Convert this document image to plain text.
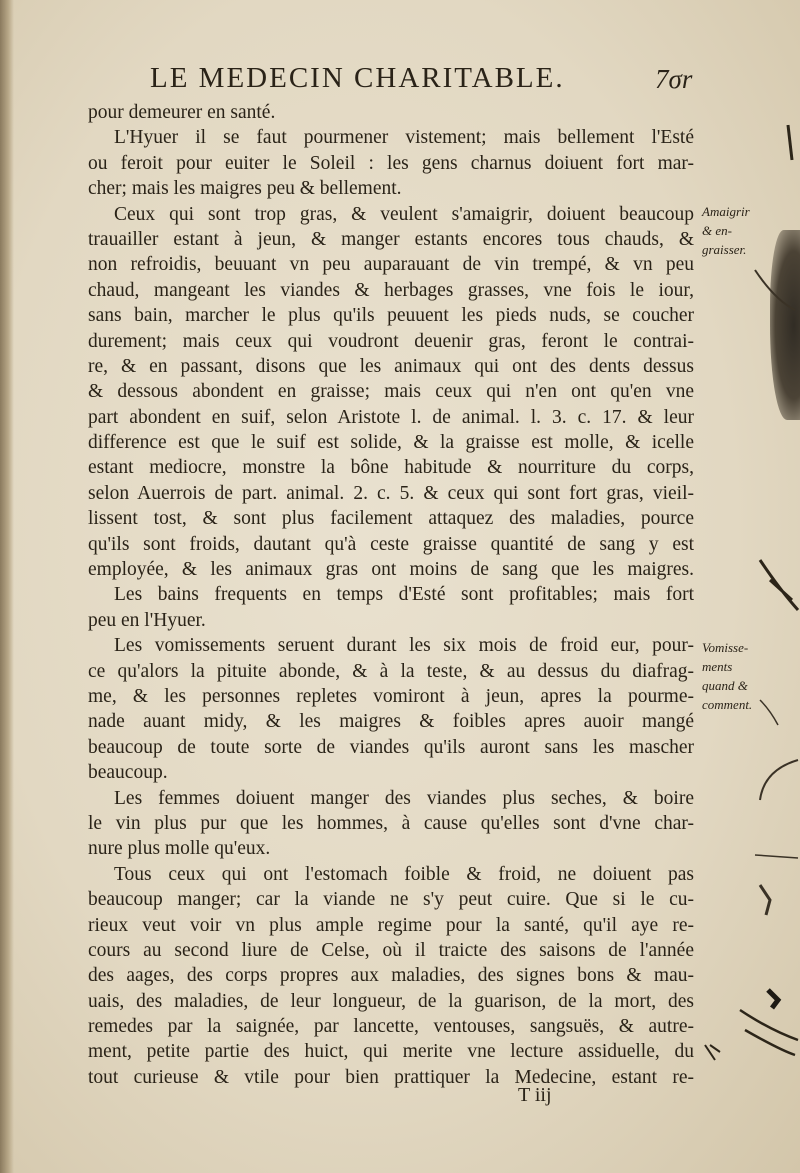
LE MEDECIN CHARITABLE.	7σr
pour demeurer en santé.
L'Hyuer il se faut pourmener vistement; mais bellement l'Esté
ou feroit pour euiter le Soleil : les gens charnus doiuent fort mar-
cher; mais les maigres peu & bellement.
Ceux qui sont trop gras, & veulent s'amaigrir, doiuent beaucoup
trauailler estant à jeun, & manger estants encores tous chauds, &
non refroidis, beuuant vn peu auparauant de vin trempé, & vn peu
chaud, mangeant les viandes & herbages grasses, vne fois le iour,
sans bain, marcher le plus qu'ils peuuent les pieds nuds, se coucher
durement; mais ceux qui voudront deuenir gras, feront le contrai-
re, & en passant, disons que les animaux qui ont des dents dessus
& dessous abondent en graisse; mais ceux qui n'en ont qu'en vne
part abondent en suif, selon Aristote l. de animal. l. 3. c. 17. & leur
difference est que le suif est solide, & la graisse est molle, & icelle
estant mediocre, monstre la bône habitude & nourriture du corps,
selon Auerrois de part. animal. 2. c. 5. & ceux qui sont fort gras, vieil-
lissent tost, & sont plus facilement attaquez des maladies, pource
qu'ils sont froids, dautant qu'à ceste graisse quantité de sang y est
employée, & les animaux gras ont moins de sang que les maigres.
Les bains frequents en temps d'Esté sont profitables; mais fort
peu en l'Hyuer.
Les vomissements seruent durant les six mois de froid eur, pour-
ce qu'alors la pituite abonde, & à la teste, & au dessus du diafrag-
me, & les personnes repletes vomiront à jeun, apres la pourme-
nade auant midy, & les maigres & foibles apres auoir mangé
beaucoup de toute sorte de viandes qu'ils auront sans les mascher
beaucoup.
Les femmes doiuent manger des viandes plus seches, & boire
le vin plus pur que les hommes, à cause qu'elles sont d'vne char-
nure plus molle qu'eux.
Tous ceux qui ont l'estomach foible & froid, ne doiuent pas
beaucoup manger; car la viande ne s'y peut cuire. Que si le cu-
rieux veut voir vn plus ample regime pour la santé, qu'il aye re-
cours au second liure de Celse, où il traicte des saisons de l'année
des aages, des corps propres aux maladies, des signes bons & mau-
uais, des maladies, de leur longueur, de la guarison, de la mort, des
remedes par la saignée, par lancette, ventouses, sangsuës, & autre-
ment, petite partie des huict, qui merite vne lecture assiduelle, du
tout curieuse & vtile pour bien prattiquer la Medecine, estant re-
Amaigrir
& en-
graisser.
Vomisse-
ments
quand &
comment.
T iij
